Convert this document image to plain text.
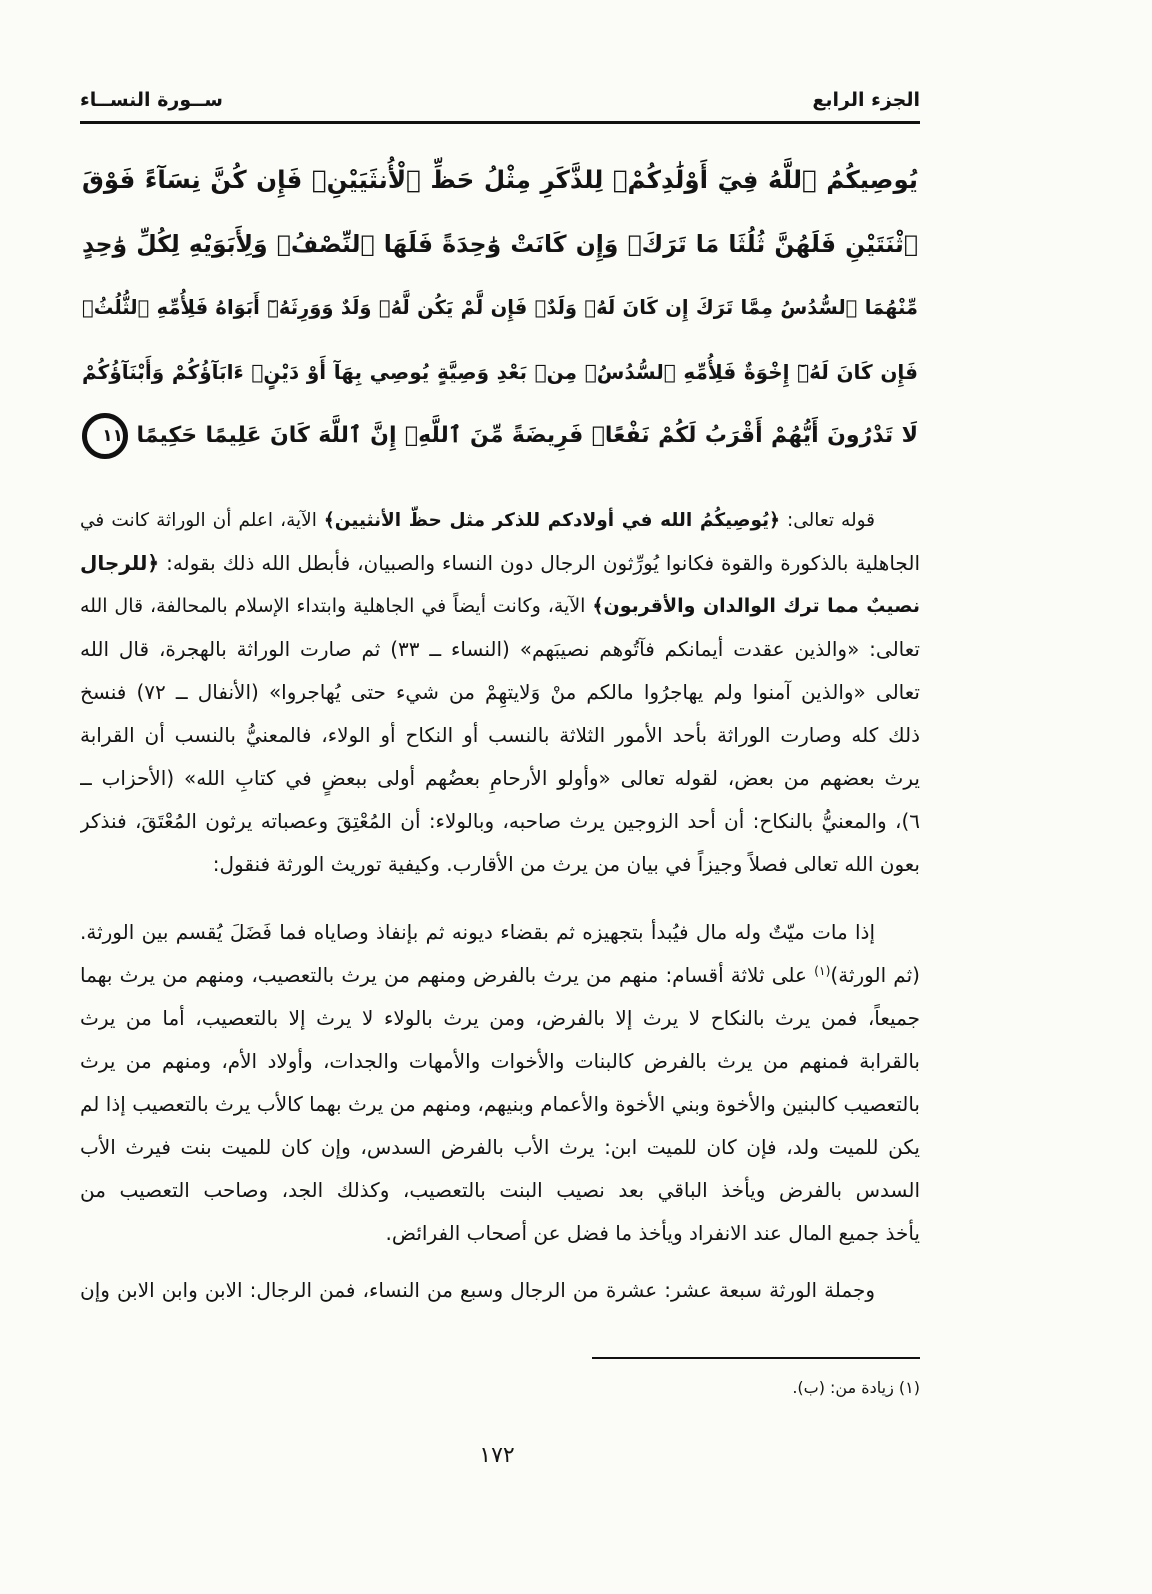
الجزء الرابع
ســورة النســاء
يُوصِيكُمُ ٱللَّهُ فِيٓ أَوْلَٰدِكُمْۖ لِلذَّكَرِ مِثْلُ حَظِّ ٱلْأُنثَيَيْنِۚ فَإِن كُنَّ نِسَآءً فَوْقَ
ٱثْنَتَيْنِ فَلَهُنَّ ثُلُثَا مَا تَرَكَۖ وَإِن كَانَتْ وَٰحِدَةً فَلَهَا ٱلنِّصْفُۚ وَلِأَبَوَيْهِ لِكُلِّ وَٰحِدٍ
مِّنْهُمَا ٱلسُّدُسُ مِمَّا تَرَكَ إِن كَانَ لَهُۥ وَلَدٌۚ فَإِن لَّمْ يَكُن لَّهُۥ وَلَدٌ وَوَرِثَهُۥٓ أَبَوَاهُ فَلِأُمِّهِ ٱلثُّلُثُۚ
فَإِن كَانَ لَهُۥٓ إِخْوَةٌ فَلِأُمِّهِ ٱلسُّدُسُۚ مِنۢ بَعْدِ وَصِيَّةٍ يُوصِي بِهَآ أَوْ دَيْنٍۗ ءَابَآؤُكُمْ وَأَبْنَآؤُكُمْ
لَا تَدْرُونَ أَيُّهُمْ أَقْرَبُ لَكُمْ نَفْعًاۚ فَرِيضَةً مِّنَ ٱللَّهِۗ إِنَّ ٱللَّهَ كَانَ عَلِيمًا حَكِيمًا ١١
قوله تعالى: ﴿يُوصِيكُمُ الله في أولادكم للذكر مثل حظّ الأنثيين﴾ الآية، اعلم أن الوراثة كانت في
الجاهلية بالذكورة والقوة فكانوا يُورِّثون الرجال دون النساء والصبيان، فأبطل الله ذلك بقوله: ﴿للرجال
نصيبٌ مما ترك الوالدان والأقربون﴾ الآية، وكانت أيضاً في الجاهلية وابتداء الإسلام بالمحالفة، قال الله
تعالى: «والذين عقدت أيمانكم فآتُوهم نصيبَهم» (النساء ــ ٣٣) ثم صارت الوراثة بالهجرة، قال الله
تعالى «والذين آمنوا ولم يهاجرُوا مالكم منْ وَلايتهِمْ من شيء حتى يُهاجروا» (الأنفال ــ ٧٢) فنسخ
ذلك كله وصارت الوراثة بأحد الأمور الثلاثة بالنسب أو النكاح أو الولاء، فالمعنيُّ بالنسب أن القرابة
يرث بعضهم من بعض، لقوله تعالى «وأولو الأرحامِ بعضُهم أولى ببعضٍ في كتابِ الله» (الأحزاب ــ
٦)، والمعنيُّ بالنكاح: أن أحد الزوجين يرث صاحبه، وبالولاء: أن المُعْتِقَ وعصباته يرثون المُعْتَقَ، فنذكر
بعون الله تعالى فصلاً وجيزاً في بيان من يرث من الأقارب. وكيفية توريث الورثة فنقول:
إذا مات ميّتٌ وله مال فيُبدأ بتجهيزه ثم بقضاء ديونه ثم بإنفاذ وصاياه فما فَضَلَ يُقسم بين الورثة.
(ثم الورثة)$^{(١)}$ على ثلاثة أقسام: منهم من يرث بالفرض ومنهم من يرث بالتعصيب، ومنهم من يرث بهما
جميعاً، فمن يرث بالنكاح لا يرث إلا بالفرض، ومن يرث بالولاء لا يرث إلا بالتعصيب، أما من يرث
بالقرابة فمنهم من يرث بالفرض كالبنات والأخوات والأمهات والجدات، وأولاد الأم، ومنهم من يرث
بالتعصيب كالبنين والأخوة وبني الأخوة والأعمام وبنيهم، ومنهم من يرث بهما كالأب يرث بالتعصيب إذا لم
يكن للميت ولد، فإن كان للميت ابن: يرث الأب بالفرض السدس، وإن كان للميت بنت فيرث الأب
السدس بالفرض ويأخذ الباقي بعد نصيب البنت بالتعصيب، وكذلك الجد، وصاحب التعصيب من
يأخذ جميع المال عند الانفراد ويأخذ ما فضل عن أصحاب الفرائض.
وجملة الورثة سبعة عشر: عشرة من الرجال وسبع من النساء، فمن الرجال: الابن وابن الابن وإن
(١) زيادة من: (ب).
١٧٢
